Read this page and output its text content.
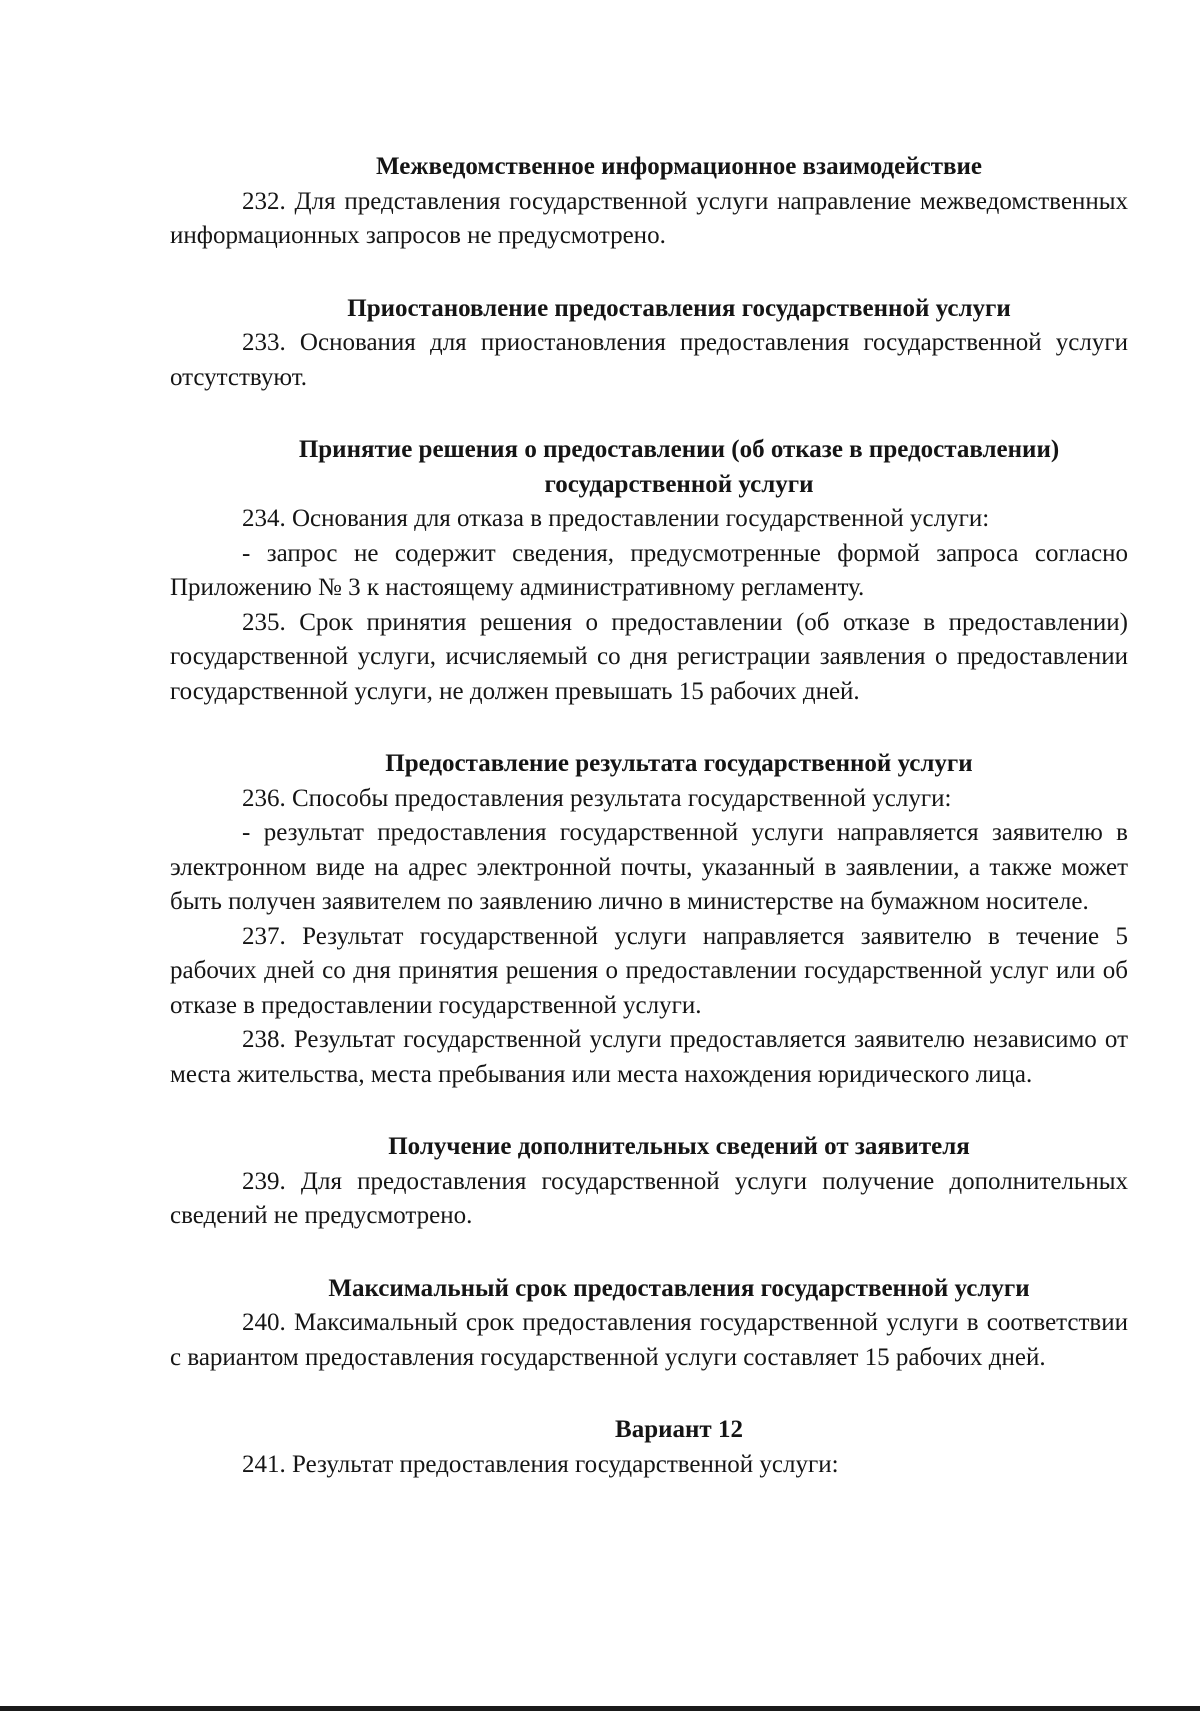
Межведомственное информационное взаимодействие

232. Для представления государственной услуги направление межведомственных информационных запросов не предусмотрено.

Приостановление предоставления государственной услуги

233. Основания для приостановления предоставления государственной услуги отсутствуют.

Принятие решения о предоставлении (об отказе в предоставлении)

государственной услуги

234. Основания для отказа в предоставлении государственной услуги:

- запрос не содержит сведения, предусмотренные формой запроса согласно Приложению № 3 к настоящему административному регламенту.

235. Срок принятия решения о предоставлении (об отказе в предоставлении) государственной услуги, исчисляемый со дня регистрации заявления о предоставлении государственной услуги, не должен превышать 15 рабочих дней.

Предоставление результата государственной услуги

236. Способы предоставления результата государственной услуги:

- результат предоставления государственной услуги направляется заявителю в электронном виде на адрес электронной почты, указанный в заявлении, а также может быть получен заявителем по заявлению лично в министерстве на бумажном носителе.

237. Результат государственной услуги направляется заявителю в течение 5 рабочих дней со дня принятия решения о предоставлении государственной услуг или об отказе в предоставлении государственной услуги.

238. Результат государственной услуги предоставляется заявителю независимо от места жительства, места пребывания или места нахождения юридического лица.

Получение дополнительных сведений от заявителя

239. Для предоставления государственной услуги получение дополнительных сведений не предусмотрено.

Максимальный срок предоставления государственной услуги

240. Максимальный срок предоставления государственной услуги в соответствии с вариантом предоставления государственной услуги составляет 15 рабочих дней.

Вариант 12

241. Результат предоставления государственной услуги:
